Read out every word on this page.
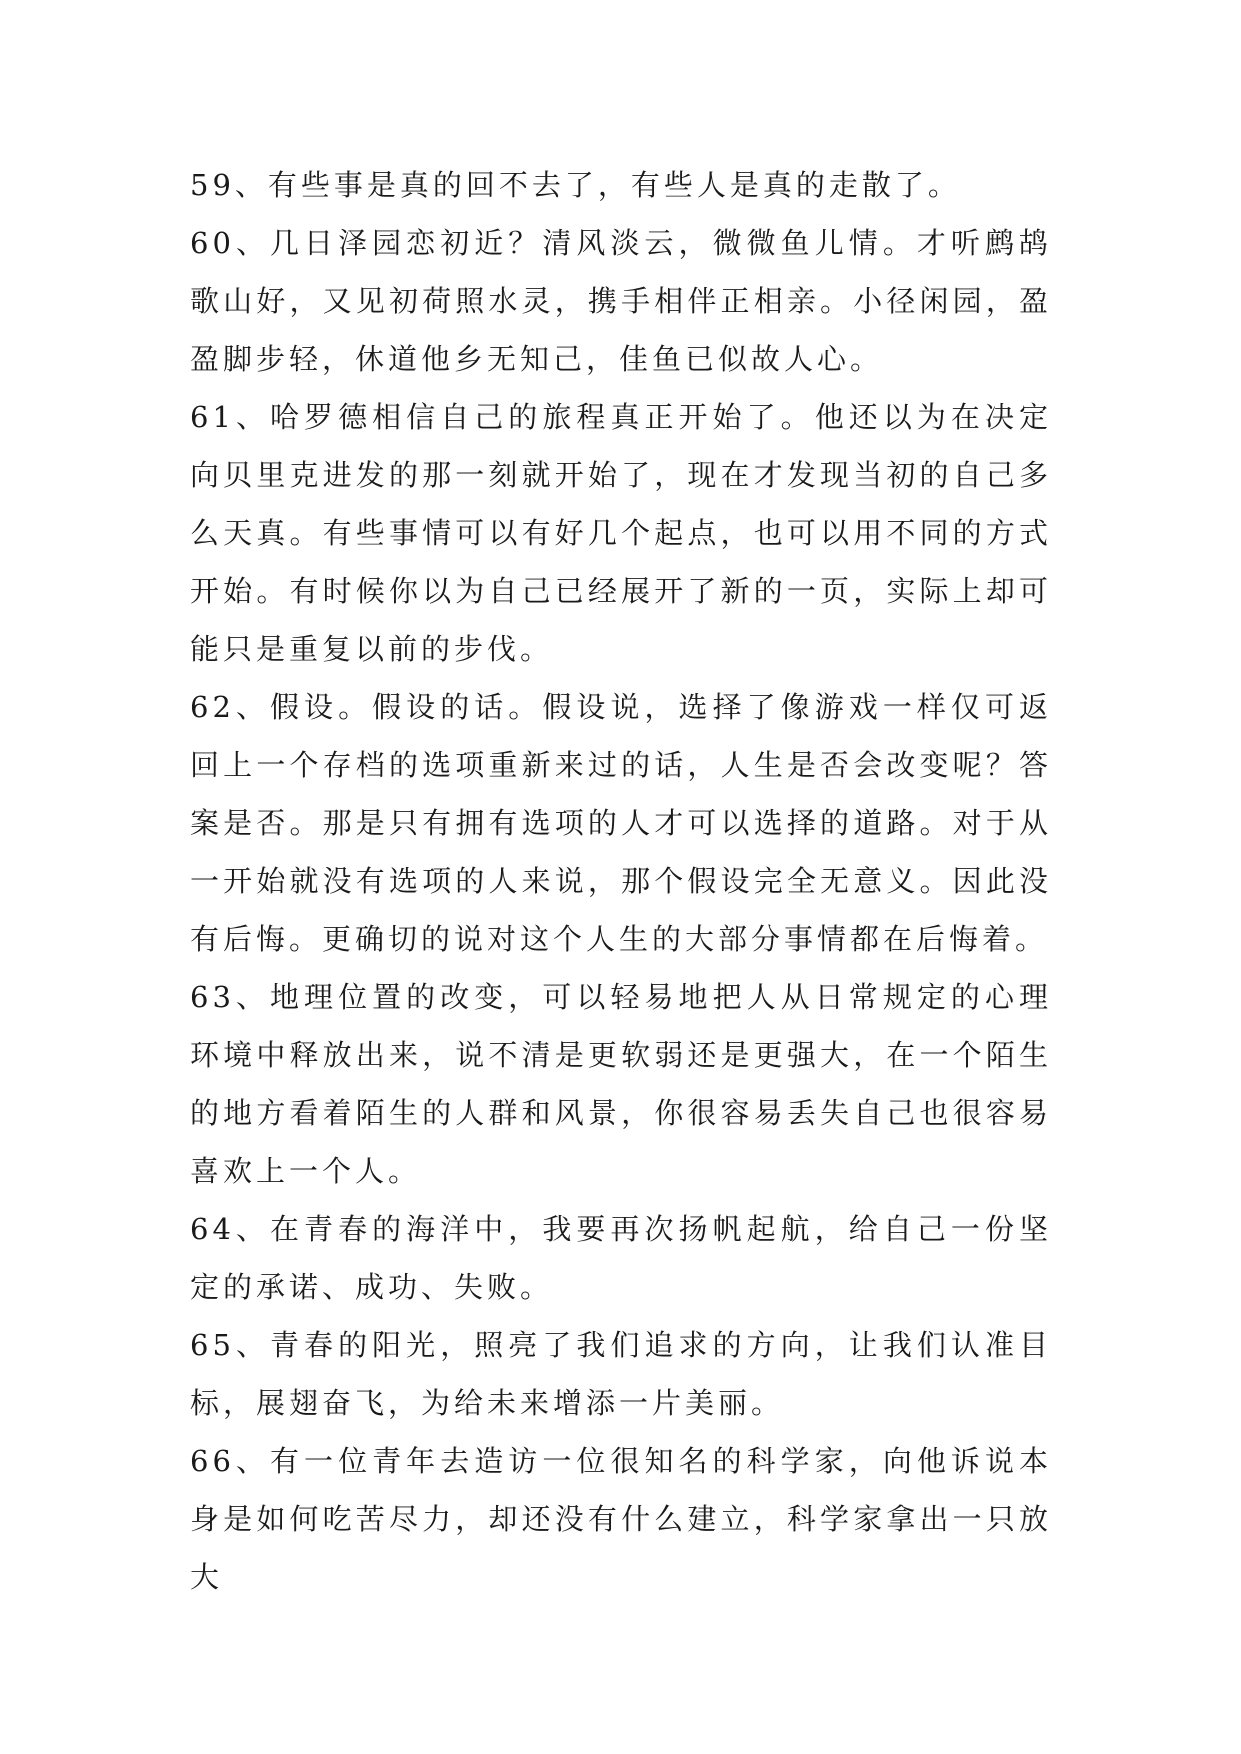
59、有些事是真的回不去了，有些人是真的走散了。

60、几日泽园恋初近？清风淡云，微微鱼儿情。才听鹧鸪歌山好，又见初荷照水灵，携手相伴正相亲。小径闲园，盈盈脚步轻，休道他乡无知己，佳鱼已似故人心。

61、哈罗德相信自己的旅程真正开始了。他还以为在决定向贝里克进发的那一刻就开始了，现在才发现当初的自己多么天真。有些事情可以有好几个起点，也可以用不同的方式开始。有时候你以为自己已经展开了新的一页，实际上却可能只是重复以前的步伐。

62、假设。假设的话。假设说，选择了像游戏一样仅可返回上一个存档的选项重新来过的话，人生是否会改变呢？答案是否。那是只有拥有选项的人才可以选择的道路。对于从一开始就没有选项的人来说，那个假设完全无意义。因此没有后悔。更确切的说对这个人生的大部分事情都在后悔着。

63、地理位置的改变，可以轻易地把人从日常规定的心理环境中释放出来，说不清是更软弱还是更强大，在一个陌生的地方看着陌生的人群和风景，你很容易丢失自己也很容易喜欢上一个人。

64、在青春的海洋中，我要再次扬帆起航，给自己一份坚定的承诺、成功、失败。

65、青春的阳光，照亮了我们追求的方向，让我们认准目标，展翅奋飞，为给未来增添一片美丽。

66、有一位青年去造访一位很知名的科学家，向他诉说本身是如何吃苦尽力，却还没有什么建立，科学家拿出一只放大
